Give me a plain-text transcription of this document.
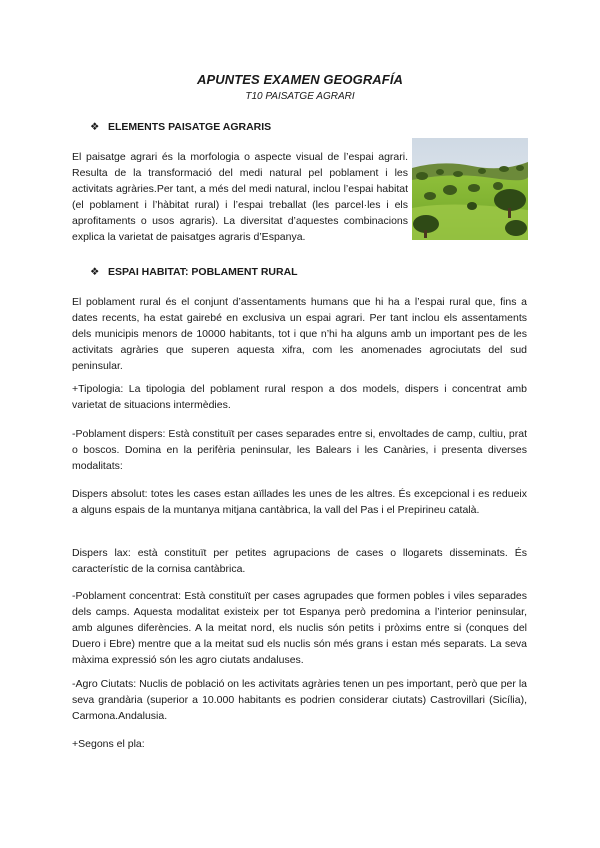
APUNTES EXAMEN GEOGRAFÍA
T10 PAISATGE AGRARI
❖ ELEMENTS PAISATGE AGRARIS

El paisatge agrari és la morfologia o aspecte visual de l’espai agrari. Resulta de la transformació del medi natural pel poblament i les activitats agràries.Per tant, a més del medi natural, inclou l’espai habitat (el poblament i l’hàbitat rural) i l’espai treballat (les parcel·les i els aprofitaments o usos agraris). La diversitat d’aquestes combinacions explica la varietat de paisatges agraris d’Espanya.

❖ ESPAI HABITAT: POBLAMENT RURAL

El poblament rural és el conjunt d’assentaments humans que hi ha a l’espai rural que, fins a dates recents, ha estat gairebé en exclusiva un espai agrari. Per tant inclou els assentaments dels municipis menors de 10000 habitants, tot i que n’hi ha alguns amb un important pes de les activitats agràries que superen aquesta xifra, com les anomenades agrociutats del sud peninsular.

+Tipologia: La tipologia del poblament rural respon a dos models, dispers i concentrat amb varietat de situacions intermèdies.

-Poblament dispers: Està constituït per cases separades entre si, envoltades de camp, cultiu, prat o boscos. Domina en la perifèria peninsular, les Balears i les Canàries, i presenta diverses modalitats:

Dispers absolut: totes les cases estan aïllades les unes de les altres. És excepcional i es redueix a alguns espais de la muntanya mitjana cantàbrica, la vall del Pas i el Prepirineu català.

Dispers lax: està constituït per petites agrupacions de cases o llogarets disseminats. És característic de la cornisa cantàbrica.

-Poblament concentrat: Està constituït per cases agrupades que formen pobles i viles separades dels camps. Aquesta modalitat existeix per tot Espanya però predomina a l’interior peninsular, amb algunes diferències. A la meitat nord, els nuclis són petits i pròxims entre si (conques del Duero i Ebre) mentre que a la meitat sud els nuclis són més grans i estan més separats. La seva màxima expressió són les agro ciutats andaluses.

-Agro Ciutats: Nuclis de població on les activitats agràries tenen un pes important, però que per la seva grandària (superior a 10.000 habitants es podrien considerar ciutats) Castrovillari (Sicília), Carmona.Andalusia.

+Segons el pla:
